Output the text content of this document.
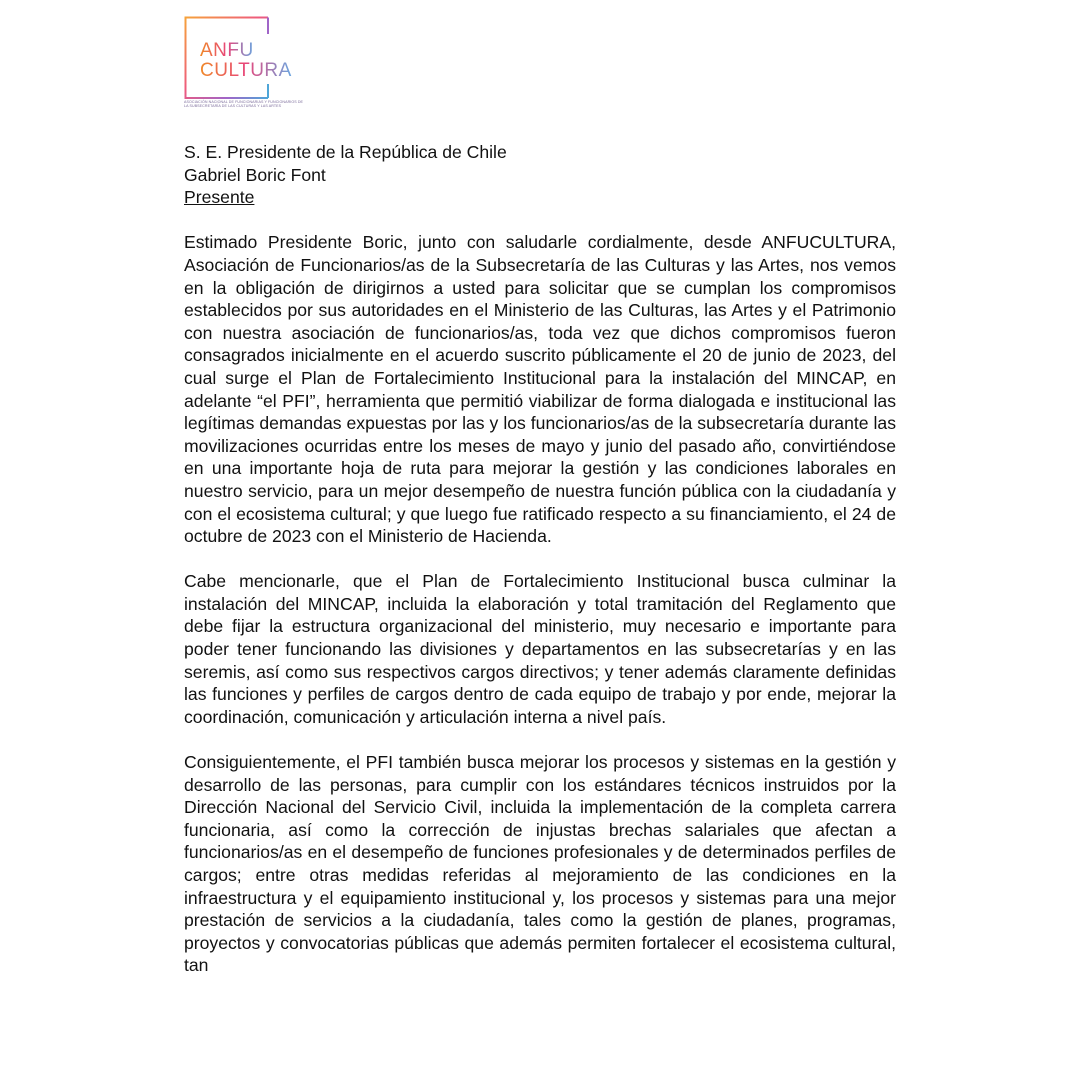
ANFU
CULTURA
ASOCIACIÓN NACIONAL DE FUNCIONARIAS Y FUNCIONARIOS DE LA SUBSECRETARÍA DE LAS CULTURAS Y LAS ARTES

S. E. Presidente de la República de Chile

Gabriel Boric Font

Presente

Estimado Presidente Boric, junto con saludarle cordialmente, desde ANFUCULTURA, Asociación de Funcionarios/as de la Subsecretaría de las Culturas y las Artes, nos vemos en la obligación de dirigirnos a usted para solicitar que se cumplan los compromisos establecidos por sus autoridades en el Ministerio de las Culturas, las Artes y el Patrimonio con nuestra asociación de funcionarios/as, toda vez que dichos compromisos fueron consagrados inicialmente en el acuerdo suscrito públicamente el 20 de junio de 2023, del cual surge el Plan de Fortalecimiento Institucional para la instalación del MINCAP, en adelante “el PFI”, herramienta que permitió viabilizar de forma dialogada e institucional las legítimas demandas expuestas por las y los funcionarios/as de la subsecretaría durante las movilizaciones ocurridas entre los meses de mayo y junio del pasado año, convirtiéndose en una importante hoja de ruta para mejorar la gestión y las condiciones laborales en nuestro servicio, para un mejor desempeño de nuestra función pública con la ciudadanía y con el ecosistema cultural; y que luego fue ratificado respecto a su financiamiento, el 24 de octubre de 2023 con el Ministerio de Hacienda.

Cabe mencionarle, que el Plan de Fortalecimiento Institucional busca culminar la instalación del MINCAP, incluida la elaboración y total tramitación del Reglamento que debe fijar la estructura organizacional del ministerio, muy necesario e importante para poder tener funcionando las divisiones y departamentos en las subsecretarías y en las seremis, así como sus respectivos cargos directivos; y tener además claramente definidas las funciones y perfiles de cargos dentro de cada equipo de trabajo y por ende, mejorar la coordinación, comunicación y articulación interna a nivel país.

Consiguientemente, el PFI también busca mejorar los procesos y sistemas en la gestión y desarrollo de las personas, para cumplir con los estándares técnicos instruidos por la Dirección Nacional del Servicio Civil, incluida la implementación de la completa carrera funcionaria, así como la corrección de injustas brechas salariales que afectan a funcionarios/as en el desempeño de funciones profesionales y de determinados perfiles de cargos; entre otras medidas referidas al mejoramiento de las condiciones en la infraestructura y el equipamiento institucional y, los procesos y sistemas para una mejor prestación de servicios a la ciudadanía, tales como la gestión de planes, programas, proyectos y convocatorias públicas que además permiten fortalecer el ecosistema cultural, tan
